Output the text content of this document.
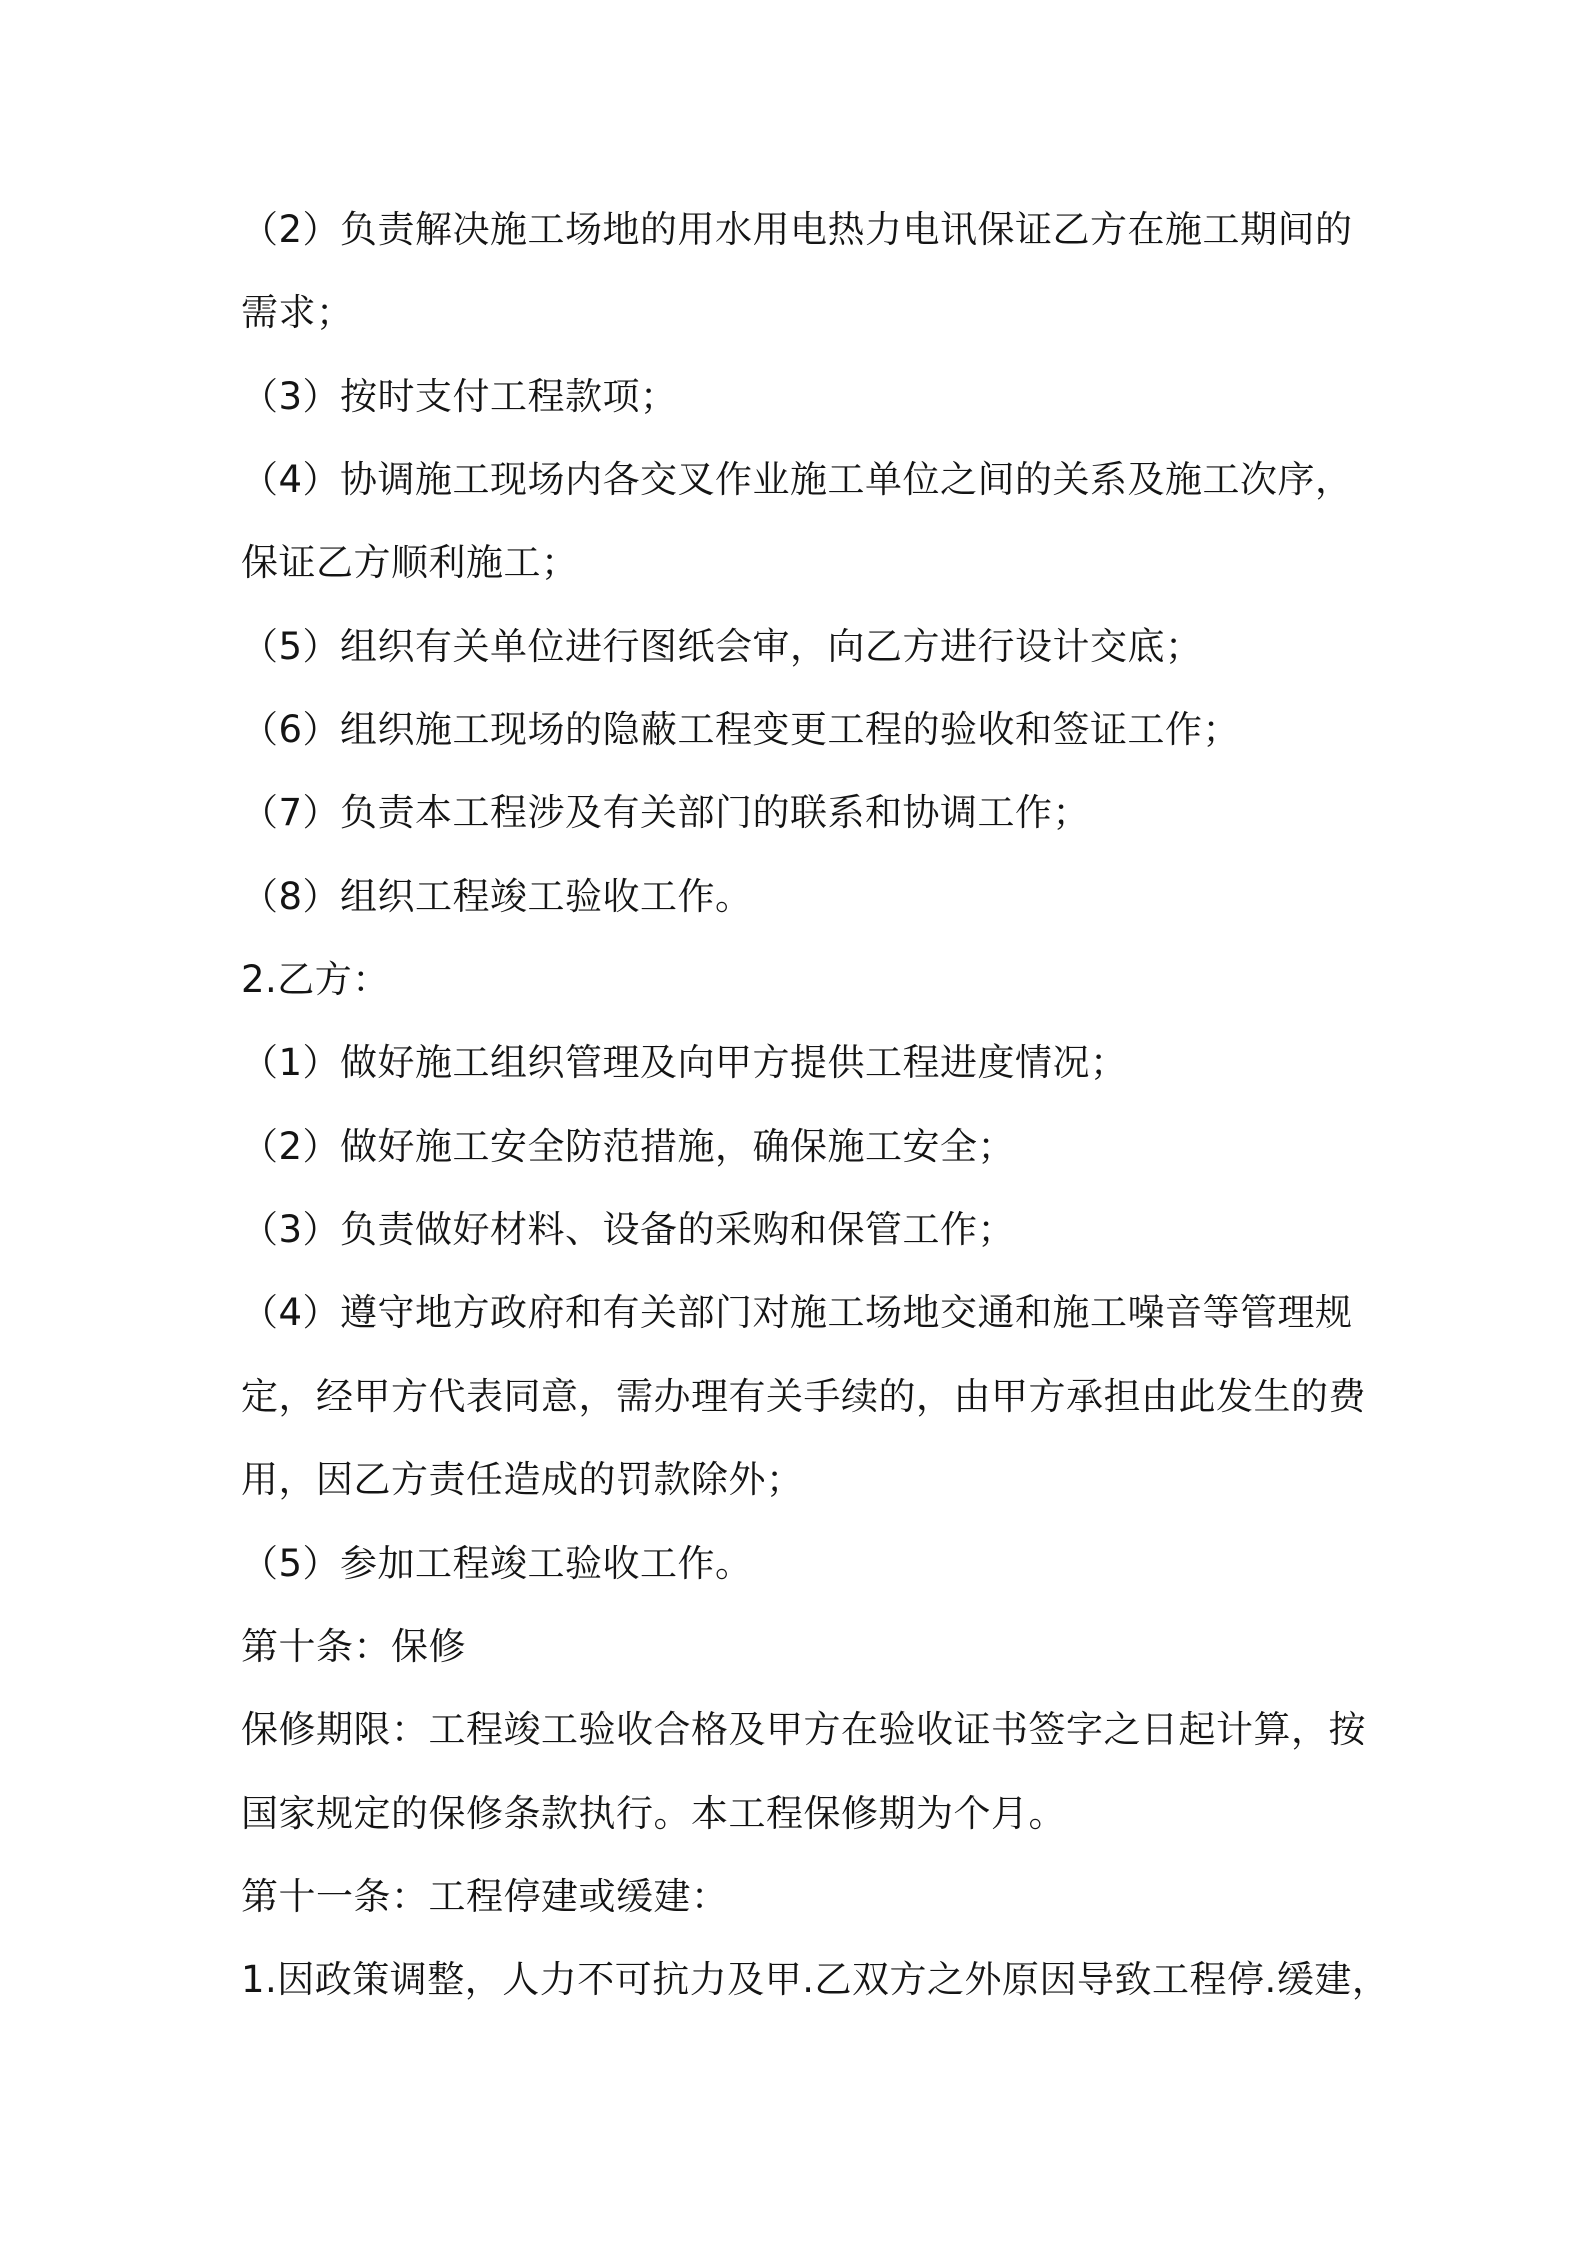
（2）负责解决施工场地的用水用电热力电讯保证乙方在施工期间的
需求；
（3）按时支付工程款项；
（4）协调施工现场内各交叉作业施工单位之间的关系及施工次序，
保证乙方顺利施工；
（5）组织有关单位进行图纸会审，向乙方进行设计交底；
（6）组织施工现场的隐蔽工程变更工程的验收和签证工作；
（7）负责本工程涉及有关部门的联系和协调工作；
（8）组织工程竣工验收工作。
2.乙方：
（1）做好施工组织管理及向甲方提供工程进度情况；
（2）做好施工安全防范措施，确保施工安全；
（3）负责做好材料、设备的采购和保管工作；
（4）遵守地方政府和有关部门对施工场地交通和施工噪音等管理规
定，经甲方代表同意，需办理有关手续的，由甲方承担由此发生的费
用，因乙方责任造成的罚款除外；
（5）参加工程竣工验收工作。
第十条：保修
保修期限：工程竣工验收合格及甲方在验收证书签字之日起计算，按
国家规定的保修条款执行。本工程保修期为个月。
第十一条：工程停建或缓建：
1.因政策调整，人力不可抗力及甲.乙双方之外原因导致工程停.缓建，
